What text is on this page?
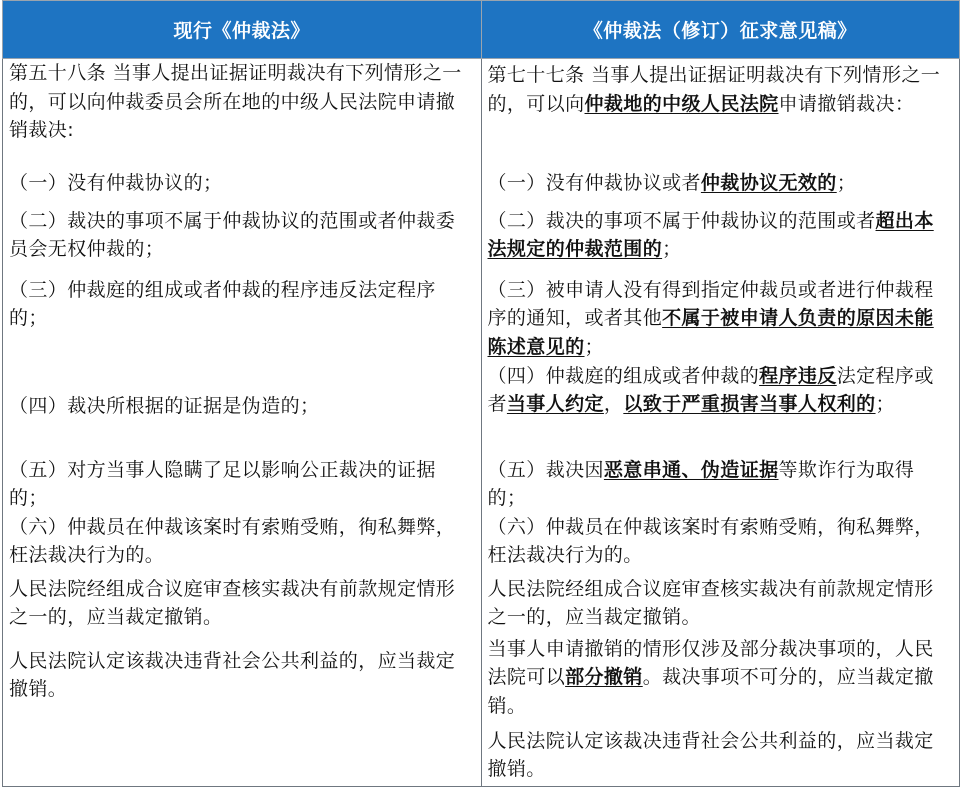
现行《仲裁法》	《仲裁法（修订）征求意见稿》

第五十八条 当事人提出证据证明裁决有下列情形之一的，可以向仲裁委员会所在地的中级人民法院申请撤销裁决:	第七十七条 当事人提出证据证明裁决有下列情形之一的，可以向仲裁地的中级人民法院申请撤销裁决：

（一）没有仲裁协议的；	（一）没有仲裁协议或者仲裁协议无效的；

（二）裁决的事项不属于仲裁协议的范围或者仲裁委员会无权仲裁的；	（二）裁决的事项不属于仲裁协议的范围或者超出本法规定的仲裁范围的；

（三）仲裁庭的组成或者仲裁的程序违反法定程序的；	（三）被申请人没有得到指定仲裁员或者进行仲裁程序的通知，或者其他不属于被申请人负责的原因未能陈述意见的；

（四）裁决所根据的证据是伪造的；	（四）仲裁庭的组成或者仲裁的程序违反法定程序或者当事人约定，以致于严重损害当事人权利的；

（五）对方当事人隐瞒了足以影响公正裁决的证据的；	（五）裁决因恶意串通、伪造证据等欺诈行为取得的；

（六）仲裁员在仲裁该案时有索贿受贿，徇私舞弊，枉法裁决行为的。	（六）仲裁员在仲裁该案时有索贿受贿，徇私舞弊，枉法裁决行为的。

人民法院经组成合议庭审查核实裁决有前款规定情形之一的，应当裁定撤销。	人民法院经组成合议庭审查核实裁决有前款规定情形之一的，应当裁定撤销。

人民法院认定该裁决违背社会公共利益的，应当裁定撤销。	当事人申请撤销的情形仅涉及部分裁决事项的，人民法院可以部分撤销。裁决事项不可分的，应当裁定撤销。

	人民法院认定该裁决违背社会公共利益的，应当裁定撤销。
